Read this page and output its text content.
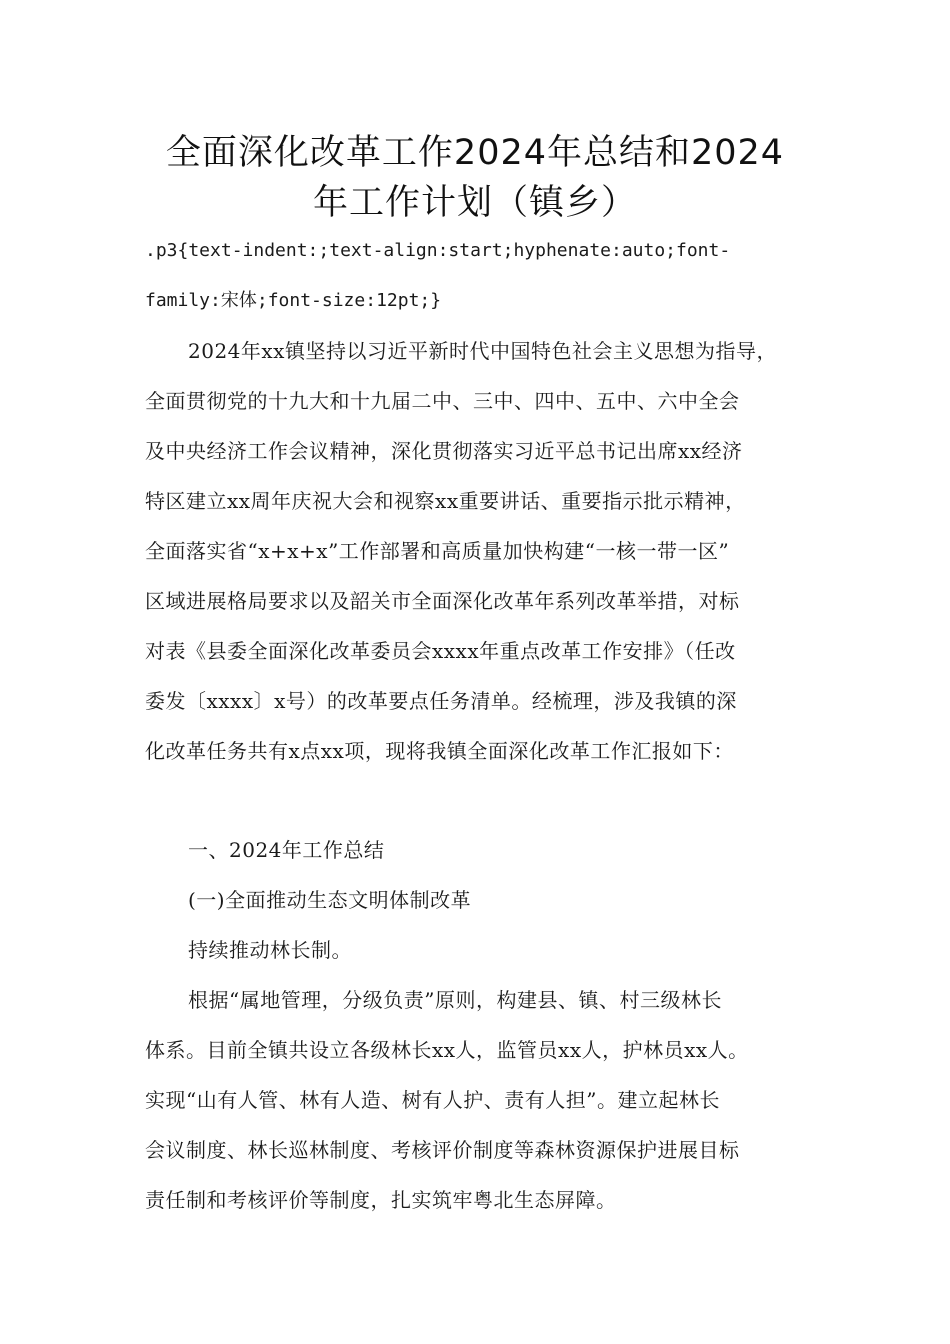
全面深化改革工作2024年总结和2024
年工作计划（镇乡）
.p3{text-indent:;text-align:start;hyphenate:auto;font-
family:宋体;font-size:12pt;}
2024年xx镇坚持以习近平新时代中国特色社会主义思想为指导，
全面贯彻党的十九大和十九届二中、三中、四中、五中、六中全会
及中央经济工作会议精神，深化贯彻落实习近平总书记出席xx经济
特区建立xx周年庆祝大会和视察xx重要讲话、重要指示批示精神，
全面落实省“x+x+x”工作部署和高质量加快构建“一核一带一区”
区域进展格局要求以及韶关市全面深化改革年系列改革举措，对标
对表《县委全面深化改革委员会xxxx年重点改革工作安排》（任改
委发〔xxxx〕x号）的改革要点任务清单。经梳理，涉及我镇的深
化改革任务共有x点xx项，现将我镇全面深化改革工作汇报如下：
一、2024年工作总结
(一)全面推动生态文明体制改革
持续推动林长制。
根据“属地管理，分级负责”原则，构建县、镇、村三级林长
体系。目前全镇共设立各级林长xx人，监管员xx人，护林员xx人。
实现“山有人管、林有人造、树有人护、责有人担”。建立起林长
会议制度、林长巡林制度、考核评价制度等森林资源保护进展目标
责任制和考核评价等制度，扎实筑牢粤北生态屏障。
